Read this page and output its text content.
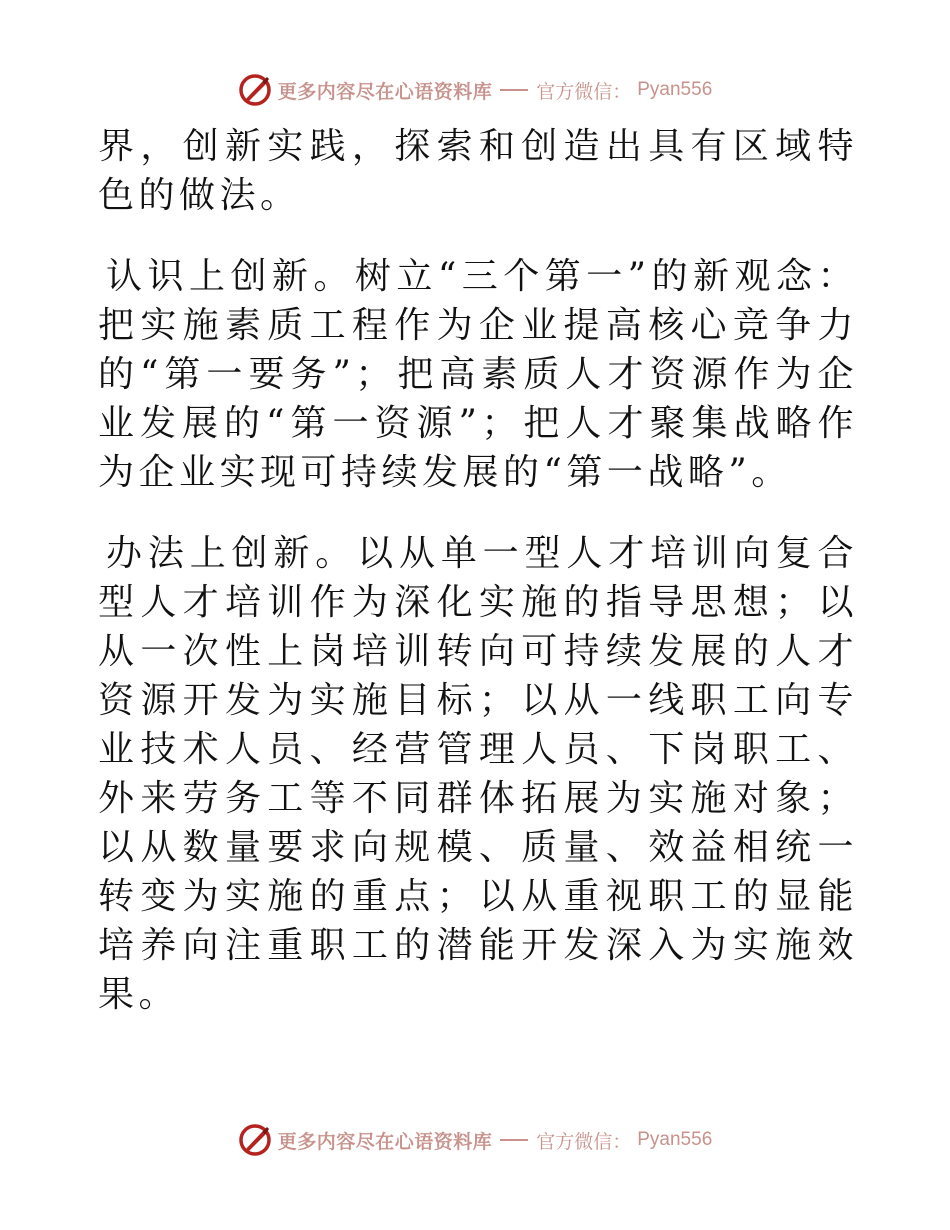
更多内容尽在心语资料库 官方微信： Pyan556

界，创新实践，探索和创造出具有区域特色的做法。

认识上创新。树立“三个第一”的新观念：把实施素质工程作为企业提高核心竞争力的“第一要务”；把高素质人才资源作为企业发展的“第一资源”；把人才聚集战略作为企业实现可持续发展的“第一战略”。

办法上创新。以从单一型人才培训向复合型人才培训作为深化实施的指导思想；以从一次性上岗培训转向可持续发展的人才资源开发为实施目标；以从一线职工向专业技术人员、经营管理人员、下岗职工、外来劳务工等不同群体拓展为实施对象；以从数量要求向规模、质量、效益相统一转变为实施的重点；以从重视职工的显能培养向注重职工的潜能开发深入为实施效果。

更多内容尽在心语资料库 官方微信： Pyan556
